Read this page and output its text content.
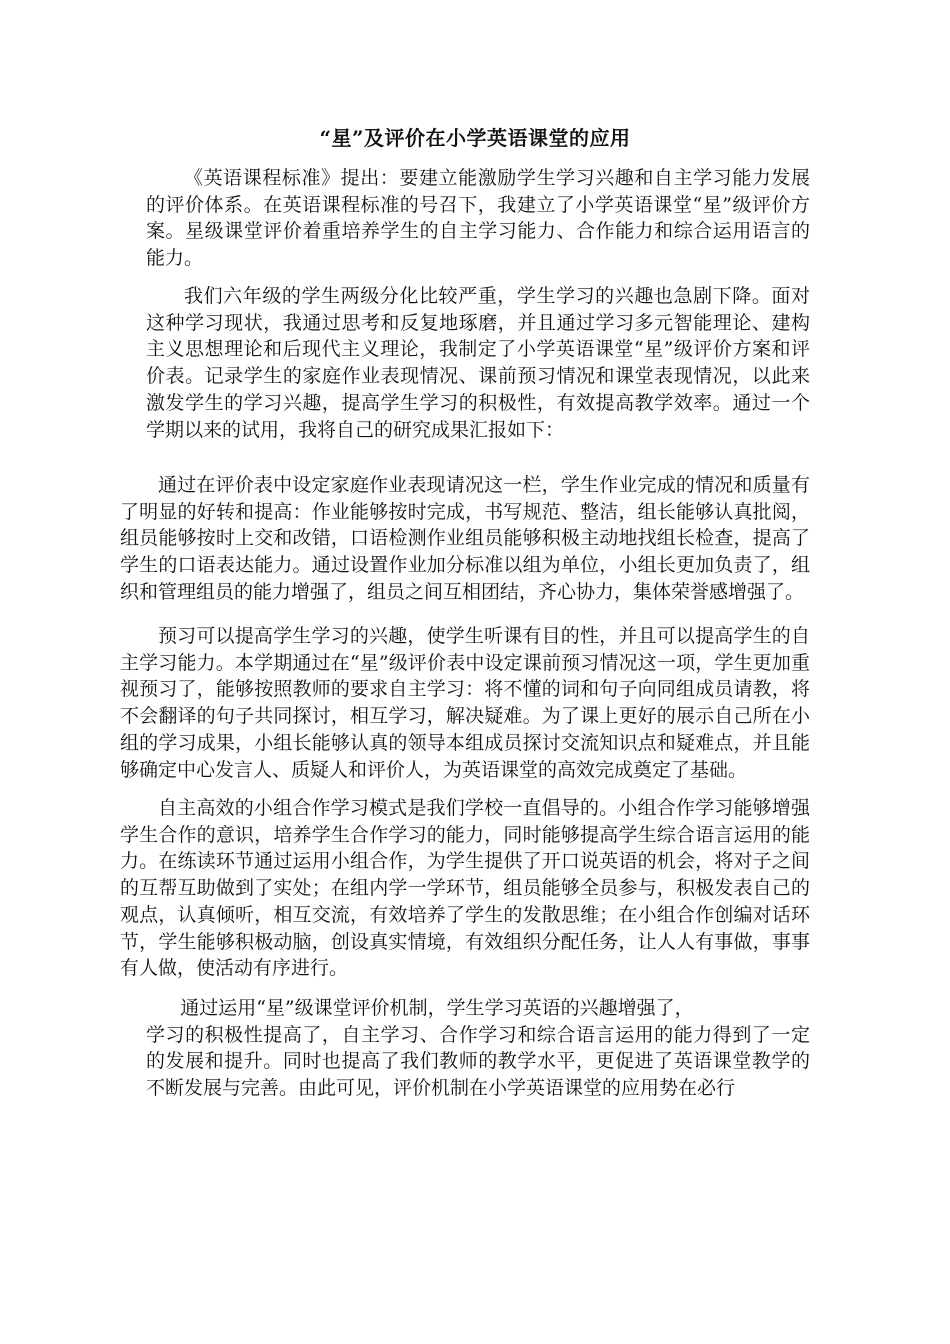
“星”及评价在小学英语课堂的应用

《英语课程标准》提出：要建立能激励学生学习兴趣和自主学习能力发展的评价体系。在英语课程标准的号召下，我建立了小学英语课堂“星”级评价方案。星级课堂评价着重培养学生的自主学习能力、合作能力和综合运用语言的能力。

我们六年级的学生两级分化比较严重，学生学习的兴趣也急剧下降。面对这种学习现状，我通过思考和反复地琢磨，并且通过学习多元智能理论、建构主义思想理论和后现代主义理论，我制定了小学英语课堂“星”级评价方案和评价表。记录学生的家庭作业表现情况、课前预习情况和课堂表现情况，以此来激发学生的学习兴趣，提高学生学习的积极性，有效提高教学效率。通过一个学期以来的试用，我将自己的研究成果汇报如下：

通过在评价表中设定家庭作业表现请况这一栏，学生作业完成的情况和质量有了明显的好转和提高：作业能够按时完成，书写规范、整洁，组长能够认真批阅，组员能够按时上交和改错，口语检测作业组员能够积极主动地找组长检查，提高了学生的口语表达能力。通过设置作业加分标准以组为单位，小组长更加负责了，组织和管理组员的能力增强了，组员之间互相团结，齐心协力，集体荣誉感增强了。

预习可以提高学生学习的兴趣，使学生听课有目的性，并且可以提高学生的自主学习能力。本学期通过在“星”级评价表中设定课前预习情况这一项，学生更加重视预习了，能够按照教师的要求自主学习：将不懂的词和句子向同组成员请教，将不会翻译的句子共同探讨，相互学习，解决疑难。为了课上更好的展示自己所在小组的学习成果，小组长能够认真的领导本组成员探讨交流知识点和疑难点，并且能够确定中心发言人、质疑人和评价人，为英语课堂的高效完成奠定了基础。

自主高效的小组合作学习模式是我们学校一直倡导的。小组合作学习能够增强学生合作的意识，培养学生合作学习的能力，同时能够提高学生综合语言运用的能力。在练读环节通过运用小组合作，为学生提供了开口说英语的机会，将对子之间的互帮互助做到了实处；在组内学一学环节，组员能够全员参与，积极发表自己的观点，认真倾听，相互交流，有效培养了学生的发散思维；在小组合作创编对话环节，学生能够积极动脑，创设真实情境，有效组织分配任务，让人人有事做，事事有人做，使活动有序进行。

通过运用“星”级课堂评价机制，学生学习英语的兴趣增强了，
学习的积极性提高了，自主学习、合作学习和综合语言运用的能力得到了一定的发展和提升。同时也提高了我们教师的教学水平，更促进了英语课堂教学的不断发展与完善。由此可见，评价机制在小学英语课堂的应用势在必行
